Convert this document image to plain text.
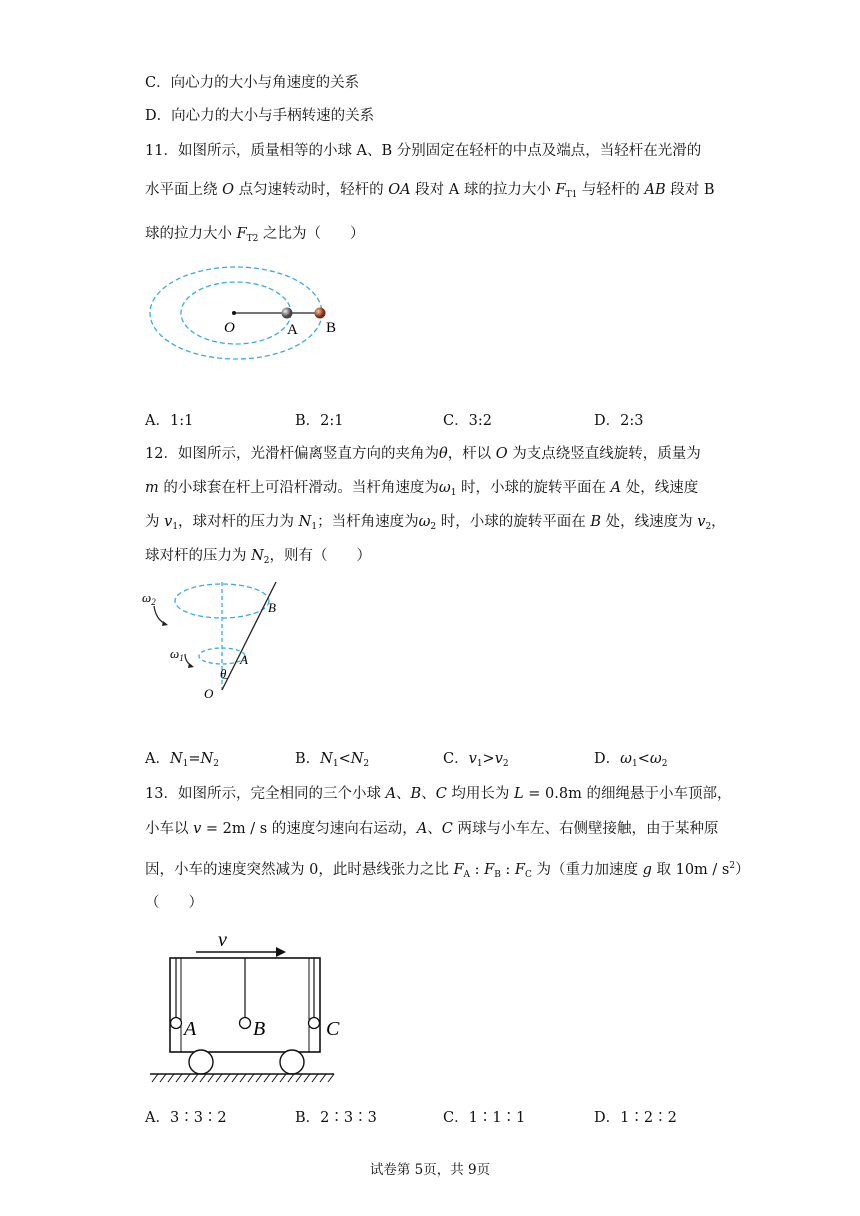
C．向心力的大小与角速度的关系
D．向心力的大小与手柄转速的关系
11．如图所示，质量相等的小球 A、B 分别固定在轻杆的中点及端点，当轻杆在光滑的
水平面上绕 O 点匀速转动时，轻杆的 OA 段对 A 球的拉力大小 $F_{T1}$ 与轻杆的 AB 段对 B
球的拉力大小 $F_{T2}$ 之比为（　　）
O	A B
A．1:1	B．2:1	C．3:2	D．2:3
12．如图所示，光滑杆偏离竖直方向的夹角为θ，杆以 O 为支点绕竖直线旋转，质量为
m 的小球套在杆上可沿杆滑动。当杆角速度为$\omega_1$ 时，小球的旋转平面在 A 处，线速度
为 $v_1$，球对杆的压力为 $N_1$；当杆角速度为$\omega_2$ 时，小球的旋转平面在 B 处，线速度为 $v_2$，
球对杆的压力为 $N_2$，则有（　　）
$\omega_2$
$\omega_1$
B
A
θ
O
A．$N_1=N_2$	B．$N_1<N_2$	C．$v_1>v_2$	D．$\omega_1<\omega_2$
13．如图所示，完全相同的三个小球 A、B、C 均用长为 L = 0.8m 的细绳悬于小车顶部，
小车以 v = 2m / s 的速度匀速向右运动，A、C 两球与小车左、右侧壁接触，由于某种原
因，小车的速度突然减为 0，此时悬线张力之比 $F_A$ : $F_B$ : $F_C$ 为（重力加速度 g 取 $10m / s^2$）
（　　）
v
A	B	C
A．3∶3∶2	B．2∶3∶3	C．1∶1∶1	D．1∶2∶2
试卷第 5页，共 9页
